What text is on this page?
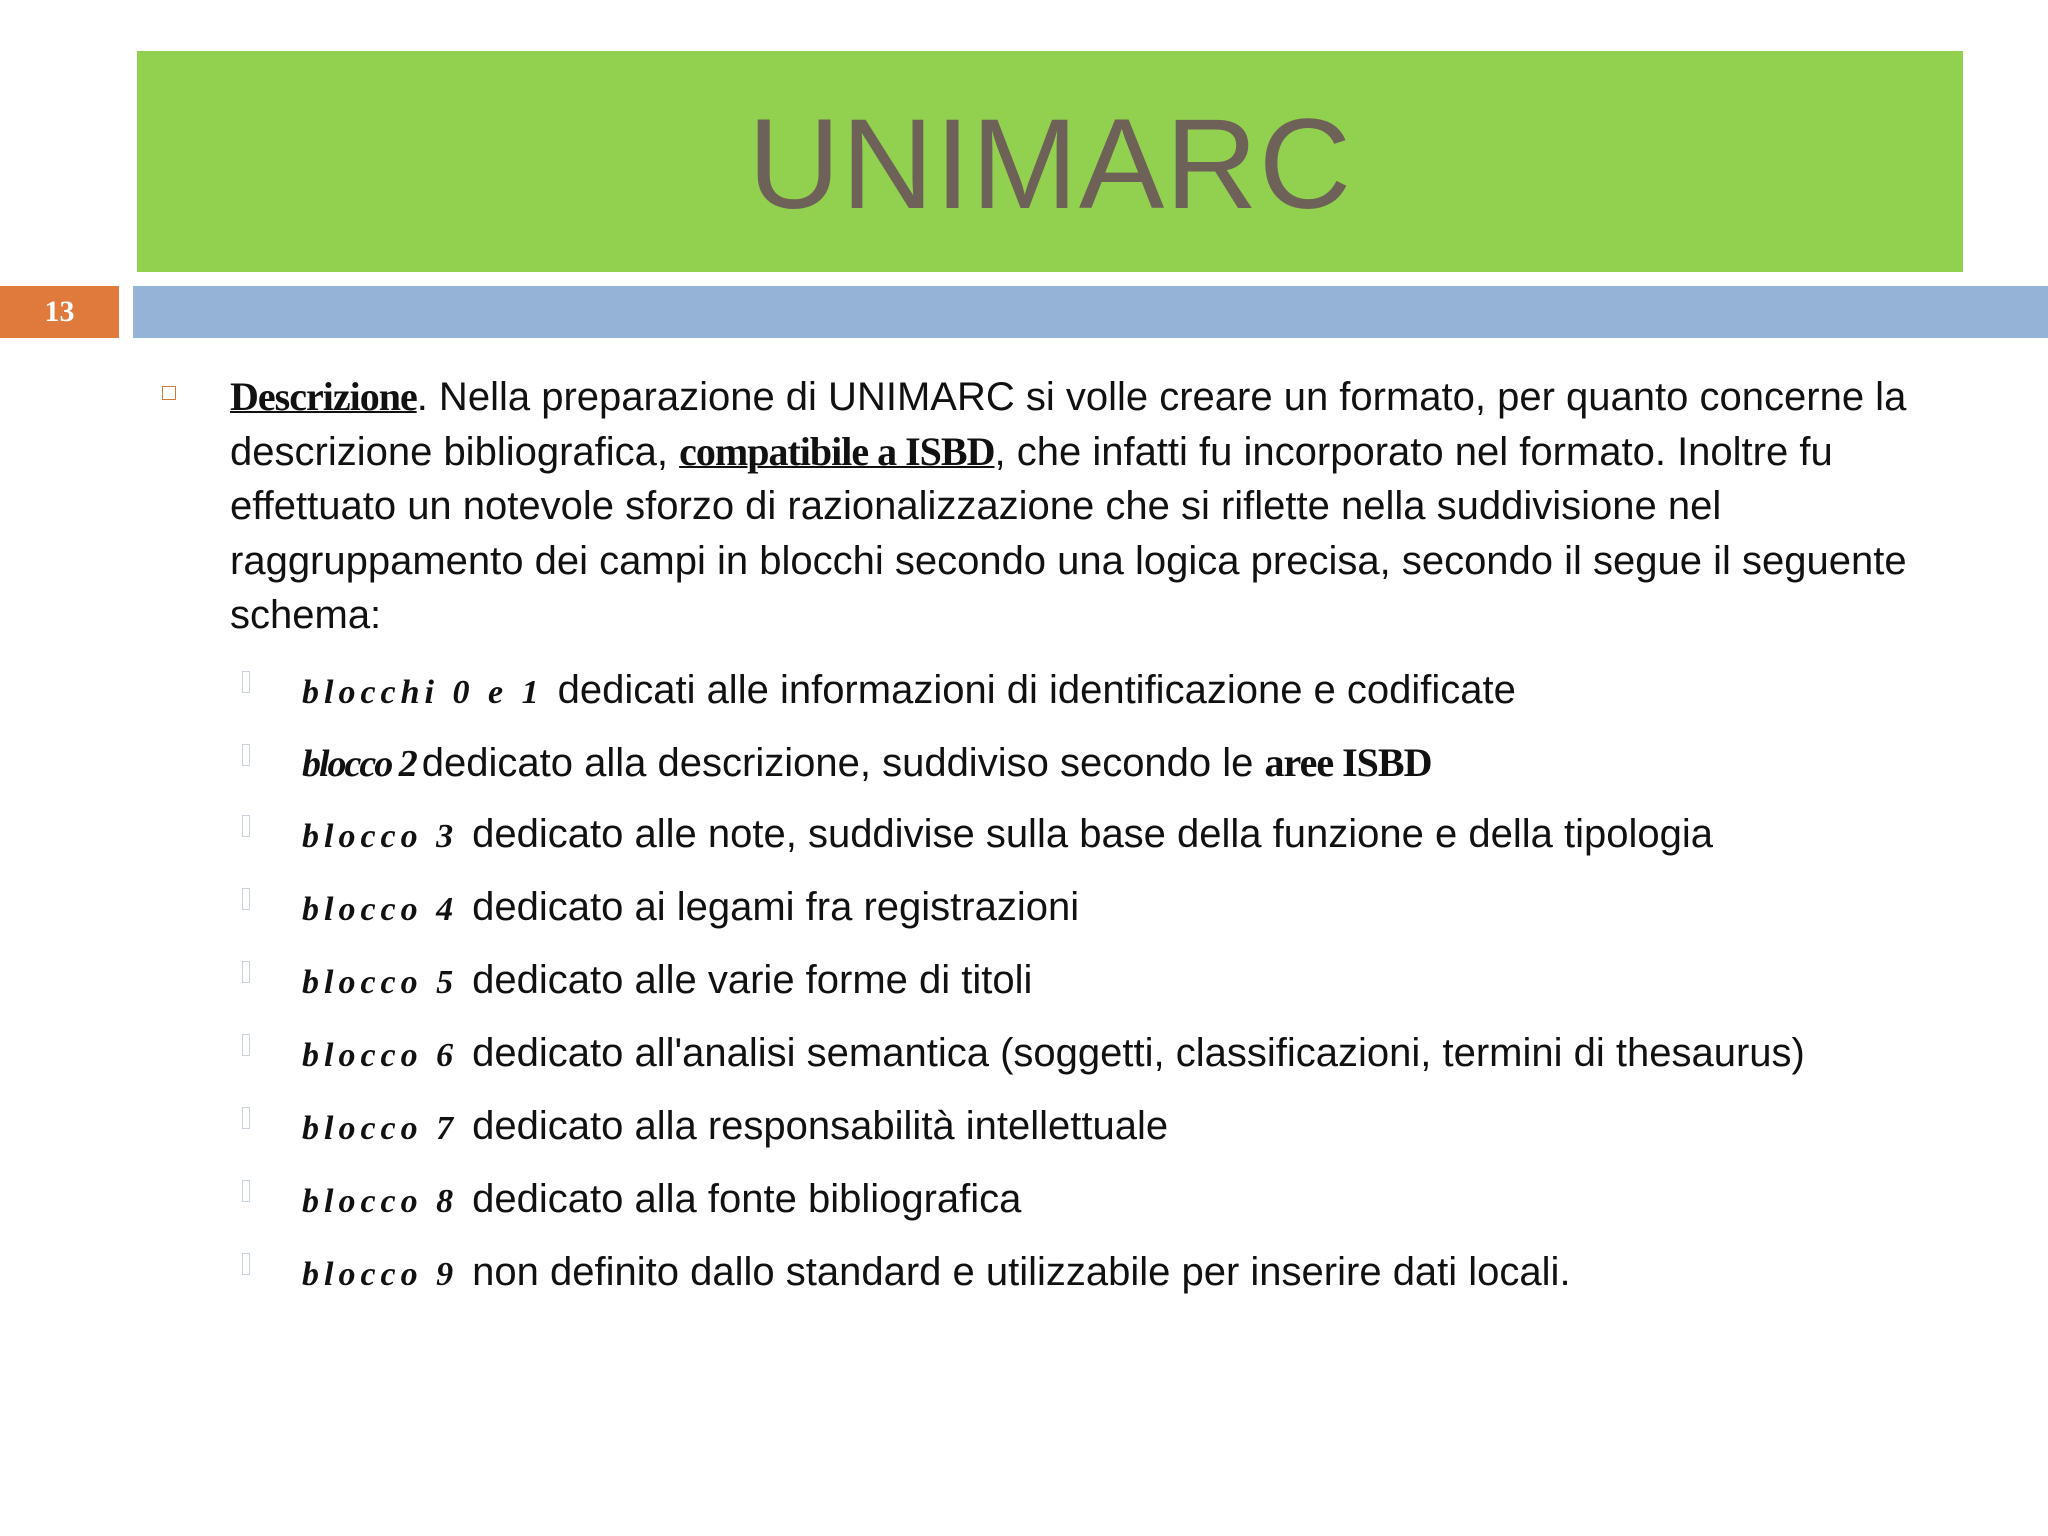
UNIMARC
13
Descrizione. Nella preparazione di UNIMARC si volle creare un formato, per quanto concerne la descrizione bibliografica, compatibile a ISBD, che infatti fu incorporato nel formato. Inoltre fu effettuato un notevole sforzo di razionalizzazione che si riflette nella suddivisione nel raggruppamento dei campi in blocchi secondo una logica precisa, secondo il segue il seguente schema:
blocchi 0 e 1 dedicati alle informazioni di identificazione e codificate
blocco 2 dedicato alla descrizione, suddiviso secondo le aree ISBD
blocco 3 dedicato alle note, suddivise sulla base della funzione e della tipologia
blocco 4 dedicato ai legami fra registrazioni
blocco 5 dedicato alle varie forme di titoli
blocco 6 dedicato all'analisi semantica (soggetti, classificazioni, termini di thesaurus)
blocco 7 dedicato alla responsabilità intellettuale
blocco 8 dedicato alla fonte bibliografica
blocco 9 non definito dallo standard e utilizzabile per inserire dati locali.
